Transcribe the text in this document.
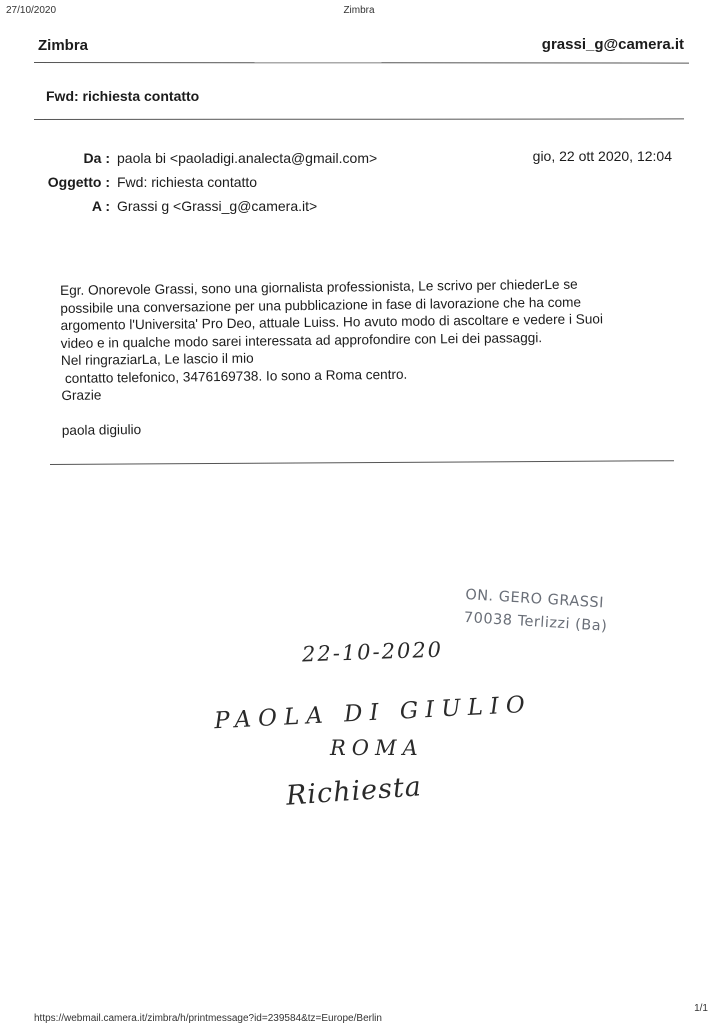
27/10/2020	Zimbra
Zimbra	grassi_g@camera.it
Fwd: richiesta contatto
Da : paola bi <paoladigi.analecta@gmail.com>	gio, 22 ott 2020, 12:04
Oggetto : Fwd: richiesta contatto
A : Grassi g <Grassi_g@camera.it>

Egr. Onorevole Grassi, sono una giornalista professionista, Le scrivo per chiederLe se

possibile una conversazione per una pubblicazione in fase di lavorazione che ha come

argomento l'Universita' Pro Deo, attuale Luiss. Ho avuto modo di ascoltare e vedere i Suoi

video e in qualche modo sarei interessata ad approfondire con Lei dei passaggi.

Nel ringraziarLa, Le lascio il mio

contatto telefonico, 3476169738. Io sono a Roma centro.

Grazie

paola digiulio

ON. GERO GRASSI
70038 Terlizzi (Ba)
22-10-2020
PAOLA DI GIULIO
ROMA
Richiesta
https://webmail.camera.it/zimbra/h/printmessage?id=239584&tz=Europe/Berlin
1/1
